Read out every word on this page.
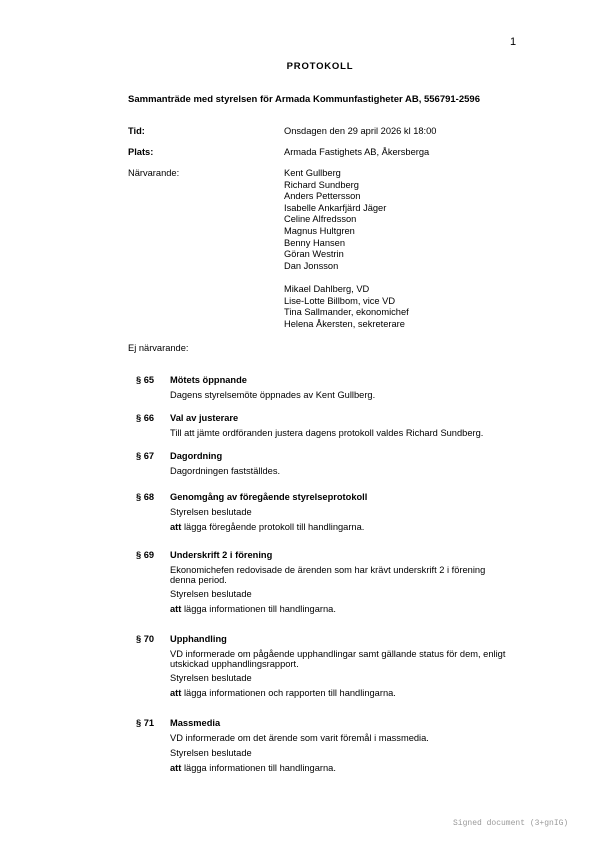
1
PROTOKOLL
Sammanträde med styrelsen för Armada Kommunfastigheter AB, 556791-2596
Tid:	Onsdagen den 29 april 2026 kl 18:00
Plats:	Armada Fastighets AB, Åkersberga
Närvarande:	Kent Gullberg
Richard Sundberg
Anders Pettersson
Isabelle Ankarfjärd Jäger
Celine Alfredsson
Magnus Hultgren
Benny Hansen
Göran Westrin
Dan Jonsson
Mikael Dahlberg, VD
Lise-Lotte Billbom, vice VD
Tina Sallmander, ekonomichef
Helena Åkersten, sekreterare
Ej närvarande:
§ 65 Mötets öppnande
Dagens styrelsemöte öppnades av Kent Gullberg.
§ 66 Val av justerare
Till att jämte ordföranden justera dagens protokoll valdes Richard Sundberg.
§ 67 Dagordning
Dagordningen fastställdes.
§ 68 Genomgång av föregående styrelseprotokoll
Styrelsen beslutade
att lägga föregående protokoll till handlingarna.
§ 69 Underskrift 2 i förening
Ekonomichefen redovisade de ärenden som har krävt underskrift 2 i förening
denna period.
Styrelsen beslutade
att lägga informationen till handlingarna.
§ 70 Upphandling
VD informerade om pågående upphandlingar samt gällande status för dem, enligt
utskickad upphandlingsrapport.
Styrelsen beslutade
att lägga informationen och rapporten till handlingarna.
§ 71 Massmedia
VD informerade om det ärende som varit föremål i massmedia.
Styrelsen beslutade
att lägga informationen till handlingarna.
Signed document (3+gnIG)
